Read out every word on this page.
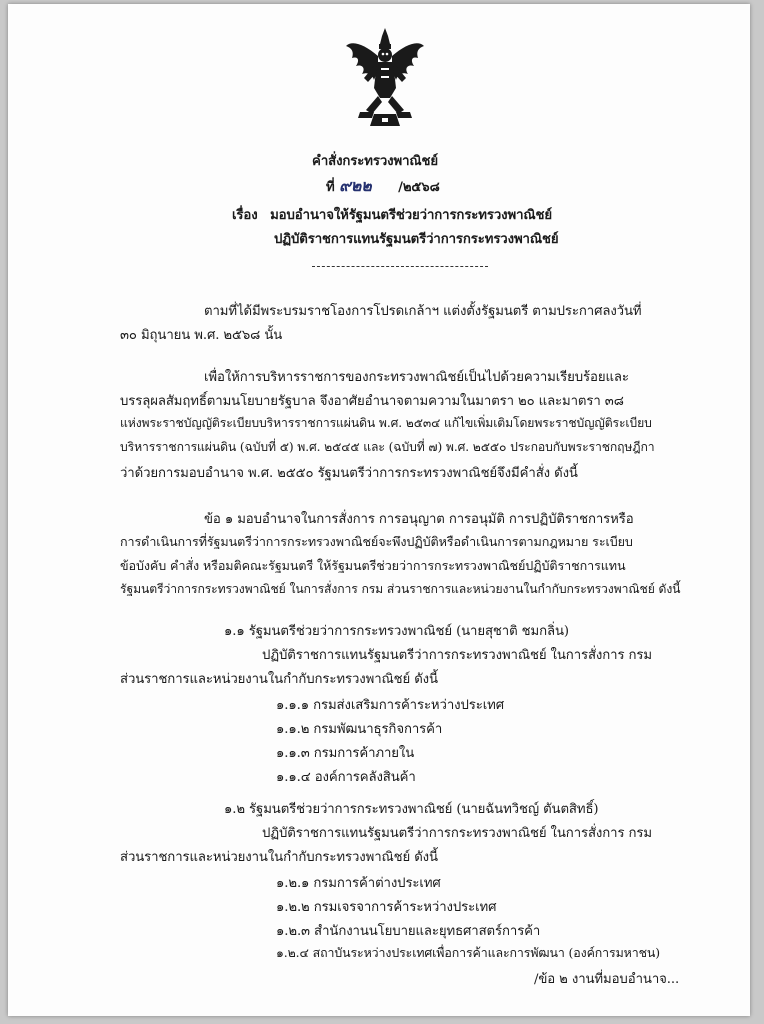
คำสั่งกระทรวงพาณิชย์
ที่ ๙๒๒ /๒๕๖๘
เรื่อง มอบอำนาจให้รัฐมนตรีช่วยว่าการกระทรวงพาณิชย์
ปฏิบัติราชการแทนรัฐมนตรีว่าการกระทรวงพาณิชย์
ตามที่ได้มีพระบรมราชโองการโปรดเกล้าฯ แต่งตั้งรัฐมนตรี ตามประกาศลงวันที่
๓๐ มิถุนายน พ.ศ. ๒๕๖๘ นั้น
เพื่อให้การบริหารราชการของกระทรวงพาณิชย์เป็นไปด้วยความเรียบร้อยและ
บรรลุผลสัมฤทธิ์ตามนโยบายรัฐบาล จึงอาศัยอำนาจตามความในมาตรา ๒๐ และมาตรา ๓๘
แห่งพระราชบัญญัติระเบียบบริหารราชการแผ่นดิน พ.ศ. ๒๕๓๔ แก้ไขเพิ่มเติมโดยพระราชบัญญัติระเบียบ
บริหารราชการแผ่นดิน (ฉบับที่ ๕) พ.ศ. ๒๕๔๕ และ (ฉบับที่ ๗) พ.ศ. ๒๕๕๐ ประกอบกับพระราชกฤษฎีกา
ว่าด้วยการมอบอำนาจ พ.ศ. ๒๕๕๐ รัฐมนตรีว่าการกระทรวงพาณิชย์จึงมีคำสั่ง ดังนี้
ข้อ ๑ มอบอำนาจในการสั่งการ การอนุญาต การอนุมัติ การปฏิบัติราชการหรือ
การดำเนินการที่รัฐมนตรีว่าการกระทรวงพาณิชย์จะพึงปฏิบัติหรือดำเนินการตามกฎหมาย ระเบียบ
ข้อบังคับ คำสั่ง หรือมติคณะรัฐมนตรี ให้รัฐมนตรีช่วยว่าการกระทรวงพาณิชย์ปฏิบัติราชการแทน
รัฐมนตรีว่าการกระทรวงพาณิชย์ ในการสั่งการ กรม ส่วนราชการและหน่วยงานในกำกับกระทรวงพาณิชย์ ดังนี้
๑.๑ รัฐมนตรีช่วยว่าการกระทรวงพาณิชย์ (นายสุชาติ ชมกลิ่น)
ปฏิบัติราชการแทนรัฐมนตรีว่าการกระทรวงพาณิชย์ ในการสั่งการ กรม
ส่วนราชการและหน่วยงานในกำกับกระทรวงพาณิชย์ ดังนี้
๑.๑.๑ กรมส่งเสริมการค้าระหว่างประเทศ
๑.๑.๒ กรมพัฒนาธุรกิจการค้า
๑.๑.๓ กรมการค้าภายใน
๑.๑.๔ องค์การคลังสินค้า
๑.๒ รัฐมนตรีช่วยว่าการกระทรวงพาณิชย์ (นายฉันทวิชญ์ ตันตสิทธิ์)
ปฏิบัติราชการแทนรัฐมนตรีว่าการกระทรวงพาณิชย์ ในการสั่งการ กรม
ส่วนราชการและหน่วยงานในกำกับกระทรวงพาณิชย์ ดังนี้
๑.๒.๑ กรมการค้าต่างประเทศ
๑.๒.๒ กรมเจรจาการค้าระหว่างประเทศ
๑.๒.๓ สำนักงานนโยบายและยุทธศาสตร์การค้า
๑.๒.๔ สถาบันระหว่างประเทศเพื่อการค้าและการพัฒนา (องค์การมหาชน)
/ข้อ ๒ งานที่มอบอำนาจ...
